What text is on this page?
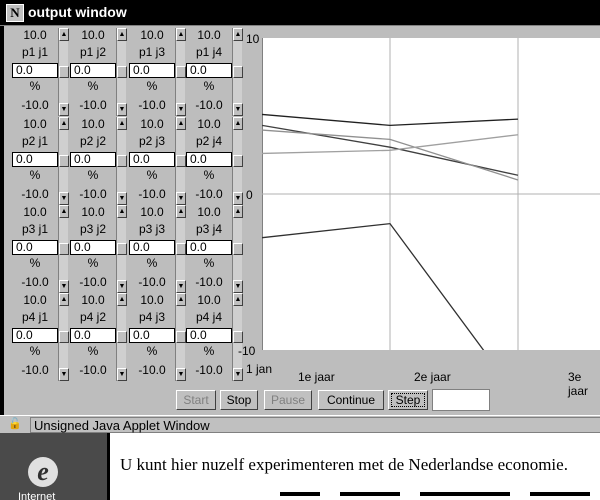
N output window
10.0
p1 j1
0.0
%
-10.0
▲
▼
10.0
p1 j2
0.0
%
-10.0
▲
▼
10.0
p1 j3
0.0
%
-10.0
▲
▼
10.0
p1 j4
0.0
%
-10.0
▲
▼
10.0
p2 j1
0.0
%
-10.0
▲
▼
10.0
p2 j2
0.0
%
-10.0
▲
▼
10.0
p2 j3
0.0
%
-10.0
▲
▼
10.0
p2 j4
0.0
%
-10.0
▲
▼
10.0
p3 j1
0.0
%
-10.0
▲
▼
10.0
p3 j2
0.0
%
-10.0
▲
▼
10.0
p3 j3
0.0
%
-10.0
▲
▼
10.0
p3 j4
0.0
%
-10.0
▲
▼
10.0
p4 j1
0.0
%
-10.0
▲
▼
10.0
p4 j2
0.0
%
-10.0
▲
▼
10.0
p4 j3
0.0
%
-10.0
▲
▼
10.0
p4 j4
0.0
%
-10.0
▲
▼
10
0
-10
1 jan
1e jaar	2e jaar	3e jaar
Start	Stop	Pause	Continue	Step
🔓 Unsigned Java Applet Window
e
Internet
U kunt hier nuzelf experimenteren met de Nederlandse economie.
